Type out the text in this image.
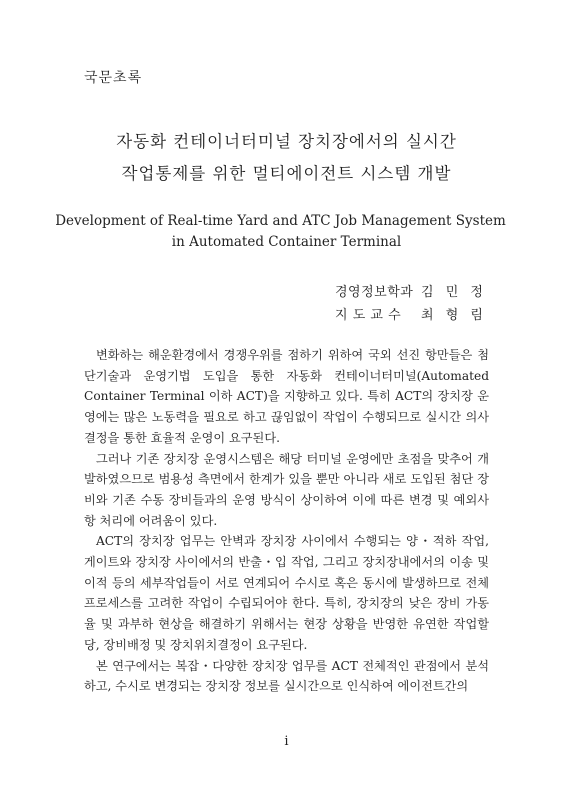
국문초록
자동화 컨테이너터미널 장치장에서의 실시간
작업통제를 위한 멀티에이전트 시스템 개발
Development of Real-time Yard and ATC Job Management System
in Automated Container Terminal
경영정보학과 김 민 정
지 도 교 수 최 형 림

변화하는 해운환경에서 경쟁우위를 점하기 위하여 국외 선진 항만들은 첨단기술과 운영기법 도입을 통한 자동화 컨테이너터미널(Automated Container Terminal 이하 ACT)을 지향하고 있다. 특히 ACT의 장치장 운영에는 많은 노동력을 필요로 하고 끊임없이 작업이 수행되므로 실시간 의사결정을 통한 효율적 운영이 요구된다.

그러나 기존 장치장 운영시스템은 해당 터미널 운영에만 초점을 맞추어 개발하였으므로 범용성 측면에서 한계가 있을 뿐만 아니라 새로 도입된 첨단 장비와 기존 수동 장비들과의 운영 방식이 상이하여 이에 따른 변경 및 예외사항 처리에 어려움이 있다.

ACT의 장치장 업무는 안벽과 장치장 사이에서 수행되는 양・적하 작업, 게이트와 장치장 사이에서의 반출・입 작업, 그리고 장치장내에서의 이송 및 이적 등의 세부작업들이 서로 연계되어 수시로 혹은 동시에 발생하므로 전체 프로세스를 고려한 작업이 수립되어야 한다. 특히, 장치장의 낮은 장비 가동율 및 과부하 현상을 해결하기 위해서는 현장 상황을 반영한 유연한 작업할당, 장비배정 및 장치위치결정이 요구된다.

본 연구에서는 복잡・다양한 장치장 업무를 ACT 전체적인 관점에서 분석하고, 수시로 변경되는 장치장 정보를 실시간으로 인식하여 에이전트간의

i
